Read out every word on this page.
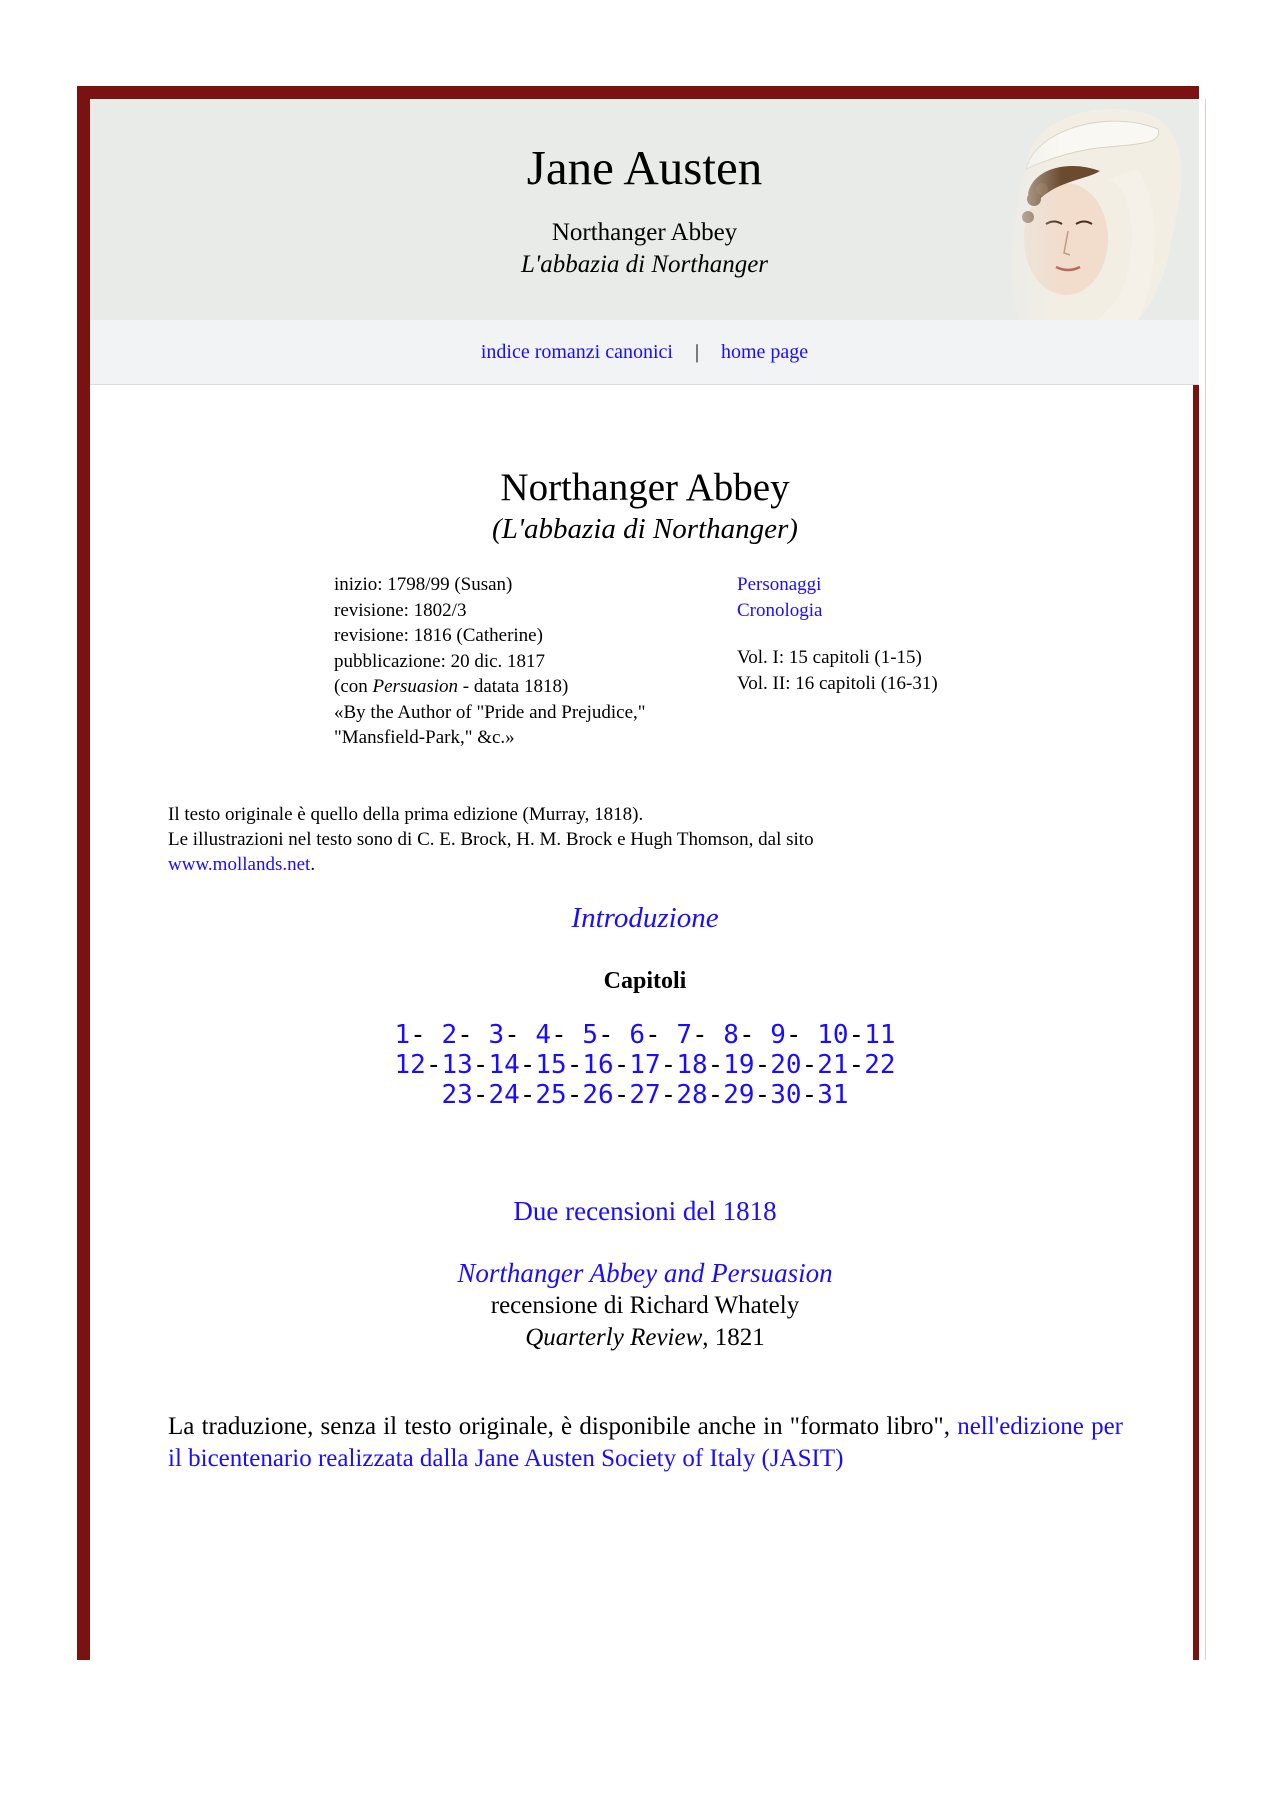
Jane Austen
Northanger Abbey
L'abbazia di Northanger
indice romanzi canonici | home page
Northanger Abbey
(L'abbazia di Northanger)
inizio: 1798/99 (Susan)
revisione: 1802/3
revisione: 1816 (Catherine)
pubblicazione: 20 dic. 1817
(con Persuasion - datata 1818)
«By the Author of "Pride and Prejudice,"
"Mansfield-Park," &c.»
Personaggi
Cronologia
Vol. I: 15 capitoli (1-15)
Vol. II: 16 capitoli (16-31)
Il testo originale è quello della prima edizione (Murray, 1818).
Le illustrazioni nel testo sono di C. E. Brock, H. M. Brock e Hugh Thomson, dal sito
www.mollands.net.
Introduzione
Capitoli
1- 2- 3- 4- 5- 6- 7- 8- 9- 10-11
12-13-14-15-16-17-18-19-20-21-22
23-24-25-26-27-28-29-30-31
Due recensioni del 1818
Northanger Abbey and Persuasion
recensione di Richard Whately
Quarterly Review, 1821
La traduzione, senza il testo originale, è disponibile anche in "formato libro", nell'edizione per il bicentenario realizzata dalla Jane Austen Society of Italy (JASIT)
